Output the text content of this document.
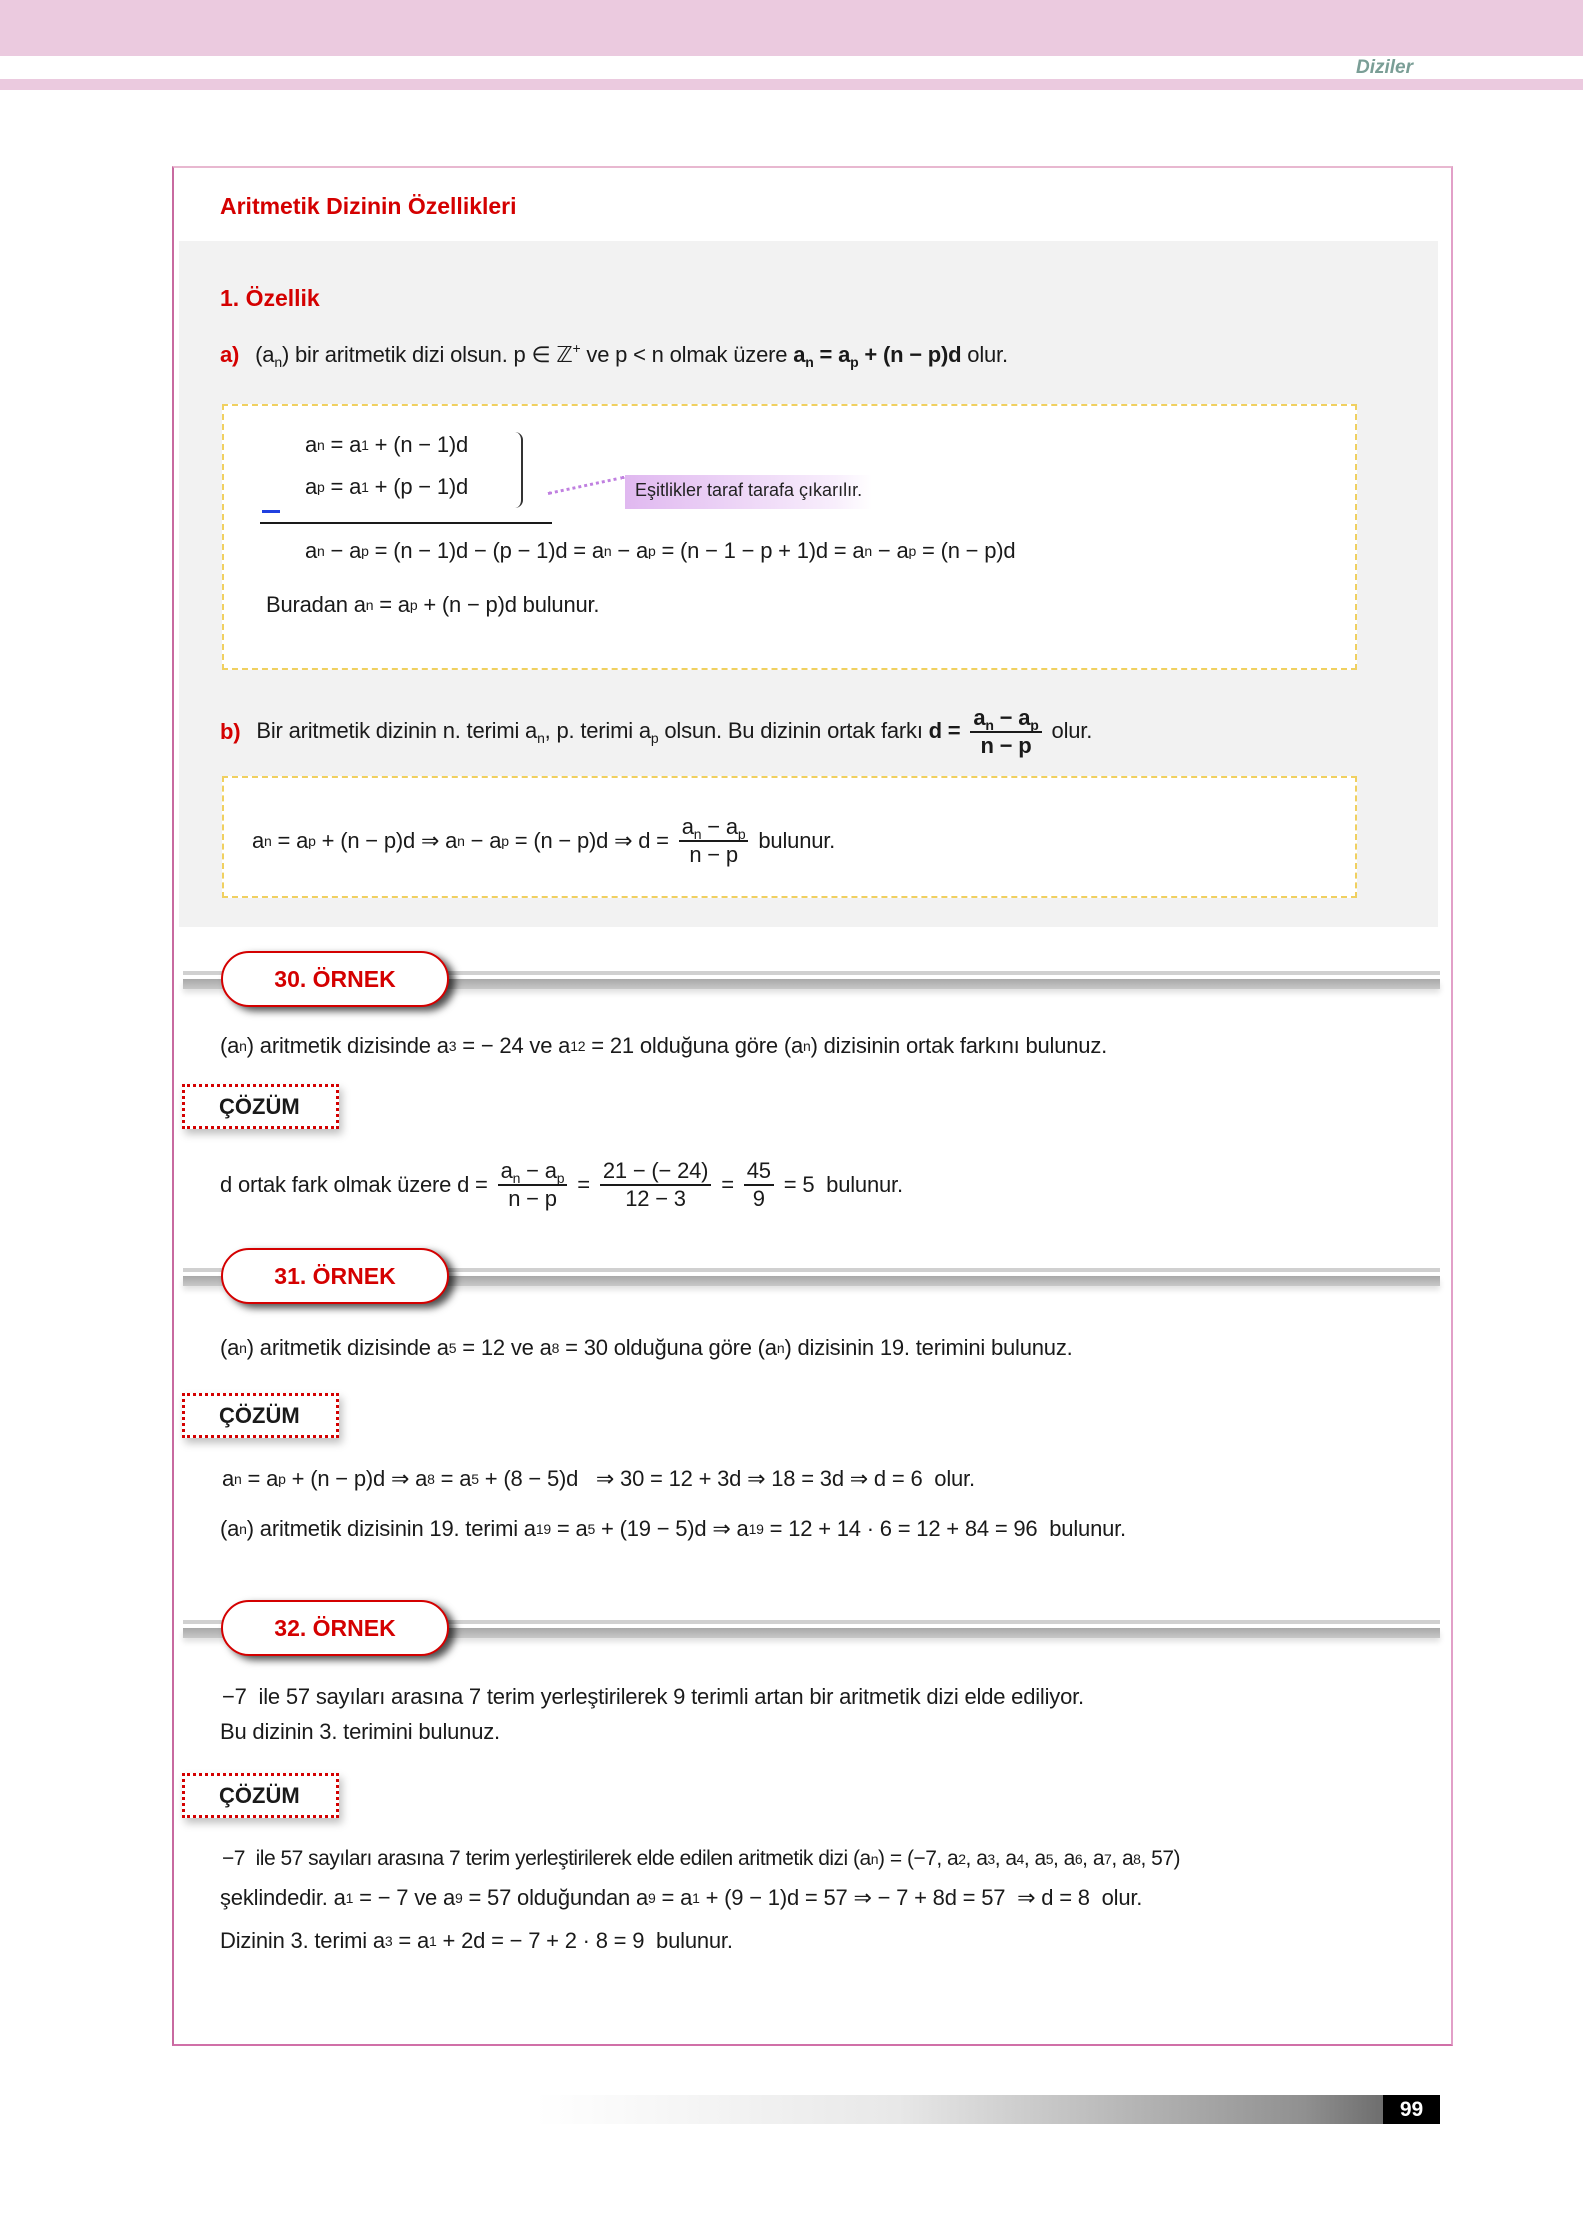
Diziler
Aritmetik Dizinin Özellikleri
1. Özellik
a) $(a_n)$ bir aritmetik dizi olsun. p ∈ ℤ+ ve p < n olmak üzere $a_n = a_p + (n - p)d$ olur.
a n = a 1 + (n − 1)d
a p = a 1 + (p − 1)d	Eşitlikler taraf tarafa çıkarılır.
a n − a p = (n − 1)d − (p − 1)d = a n − a p = (n − 1 − p + 1)d = a n − a p = (n − p)d
Buradan a n = a p + (n − p)d bulunur.
b) Bir aritmetik dizinin n. terimi $a_n$, p. terimi $a_p$ olsun. Bu dizinin ortak farkı $d = \frac{a_n - a_p}{n - p}$ olur.
a n = a p + (n − p)d ⇒ a n − a p = (n − p)d ⇒ $d = \frac{a_n - a_p}{n - p}$ bulunur.
30. ÖRNEK
(a n ) aritmetik dizisinde a 3 = − 24 ve a 12 = 21 olduğuna göre (a n ) dizisinin ortak farkını bulunuz.
ÇÖZÜM
d ortak fark olmak üzere $d = \frac{a_n - a_p}{n - p} = \frac{21 - (- 24)}{12 - 3} = \frac{45}{9} = 5$  bulunur.
31. ÖRNEK
(a n ) aritmetik dizisinde a 5 = 12 ve a 8 = 30 olduğuna göre (a n ) dizisinin 19. terimini bulunuz.
ÇÖZÜM
a n = a p + (n − p)d ⇒ a 8 = a 5 + (8 − 5)d   ⇒ 30 = 12 + 3d ⇒ 18 = 3d ⇒ d = 6  olur.
(a n ) aritmetik dizisinin 19. terimi a 19 = a 5 + (19 − 5)d ⇒ a 19 = 12 + 14 · 6 = 12 + 84 = 96  bulunur.
32. ÖRNEK
−7  ile 57 sayıları arasına 7 terim yerleştirilerek 9 terimli artan bir aritmetik dizi elde ediliyor.
Bu dizinin 3. terimini bulunuz.
ÇÖZÜM
−7  ile 57 sayıları arasına 7 terim yerleştirilerek elde edilen aritmetik dizi (a n ) = (−7, a 2 , a 3 , a 4 , a 5 , a 6 , a 7 , a 8 , 57)
şeklindedir. a 1 = − 7 ve a 9 = 57 olduğundan a 9 = a 1 + (9 − 1)d = 57 ⇒ − 7 + 8d = 57  ⇒ d = 8  olur.
Dizinin 3. terimi a 3 = a 1 + 2d = − 7 + 2 · 8 = 9  bulunur.
99
